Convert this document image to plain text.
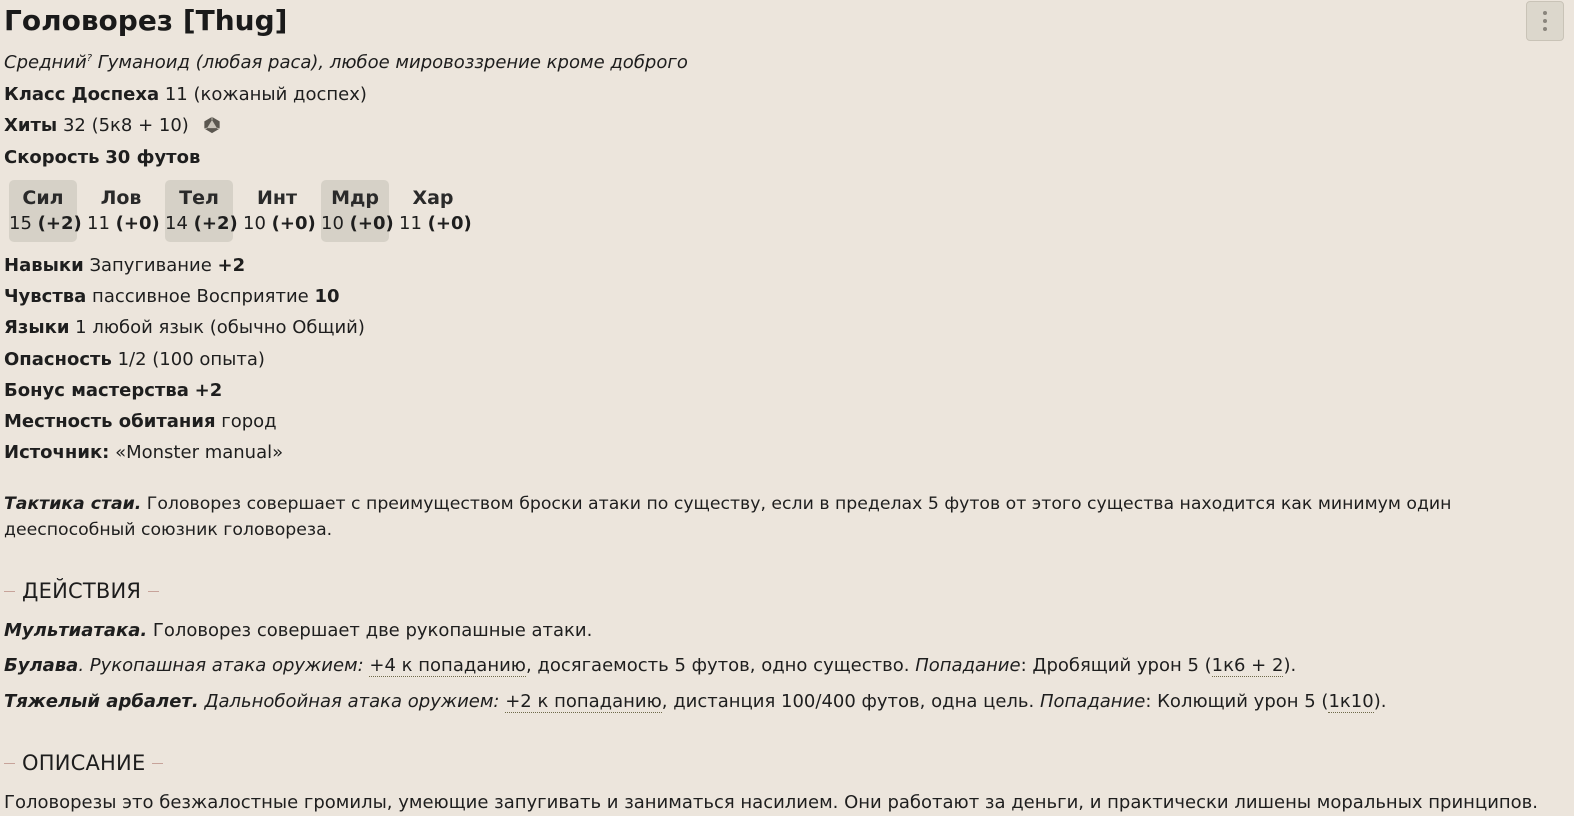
Головорез [Thug]
Средний? Гуманоид (любая раса), любое мировоззрение кроме доброго
Класс Доспеха 11 (кожаный доспех)
Хиты 32 (5к8 + 10)
Скорость 30 футов
Сил
15 (+2)
Лов
11 (+0)
Тел
14 (+2)
Инт
10 (+0)
Мдр
10 (+0)
Хар
11 (+0)
Навыки Запугивание +2
Чувства пассивное Восприятие 10
Языки 1 любой язык (обычно Общий)
Опасность 1/2 (100 опыта)
Бонус мастерства +2
Местность обитания город
Источник: «Monster manual»
Тактика стаи. Головорез совершает с преимуществом броски атаки по существу, если в пределах 5 футов от этого существа находится как минимум один дееспособный союзник головореза.
ДЕЙСТВИЯ
Мультиатака. Головорез совершает две рукопашные атаки.
Булава. Рукопашная атака оружием: +4 к попаданию, досягаемость 5 футов, одно существо. Попадание: Дробящий урон 5 (1к6 + 2).
Тяжелый арбалет. Дальнобойная атака оружием: +2 к попаданию, дистанция 100/400 футов, одна цель. Попадание: Колющий урон 5 (1к10).
ОПИСАНИЕ
Головорезы это безжалостные громилы, умеющие запугивать и заниматься насилием. Они работают за деньги, и практически лишены моральных принципов.
